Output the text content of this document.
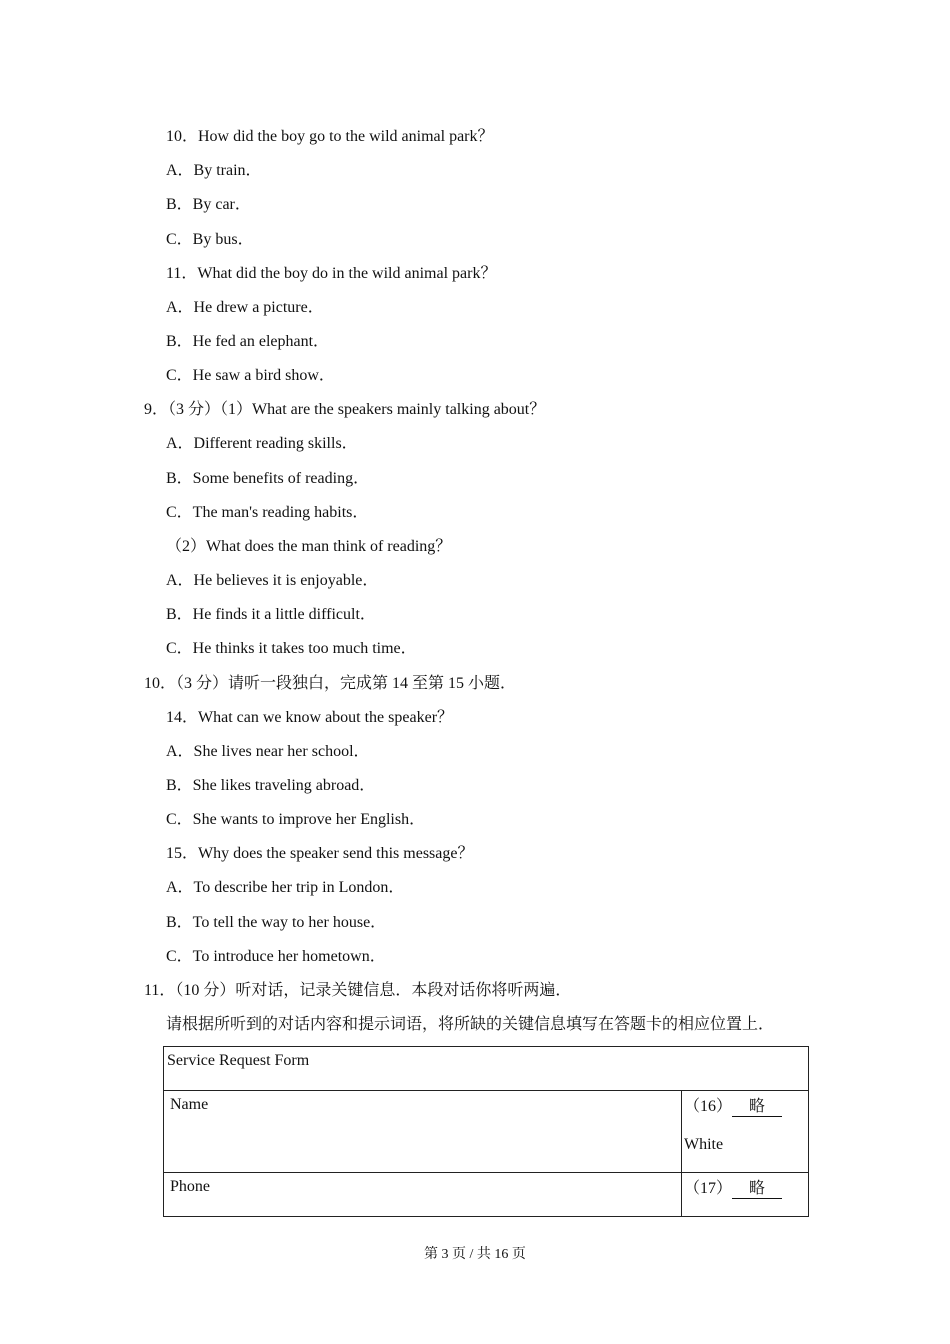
10．How did the boy go to the wild animal park？
A．By train．
B．By car．
C．By bus．
11．What did the boy do in the wild animal park？
A．He drew a picture．
B．He fed an elephant．
C．He saw a bird show．
9．（3 分）（1）What are the speakers mainly talking about？
A．Different reading skills．
B．Some benefits of reading．
C．The man's reading habits．
（2）What does the man think of reading？
A．He believes it is enjoyable．
B．He finds it a little difficult．
C．He thinks it takes too much time．
10．（3 分）请听一段独白，完成第 14 至第 15 小题．
14．What can we know about the speaker？
A．She lives near her school．
B．She likes traveling abroad．
C．She wants to improve her English．
15．Why does the speaker send this message？
A．To describe her trip in London．
B．To tell the way to her house．
C．To introduce her hometown．
11．（10 分）听对话，记录关键信息．本段对话你将听两遍．
请根据所听到的对话内容和提示词语，将所缺的关键信息填写在答题卡的相应位置上．
Service Request Form	
Name	（16） 略
White

Phone	（17） 略
第 3 页 / 共 16 页
